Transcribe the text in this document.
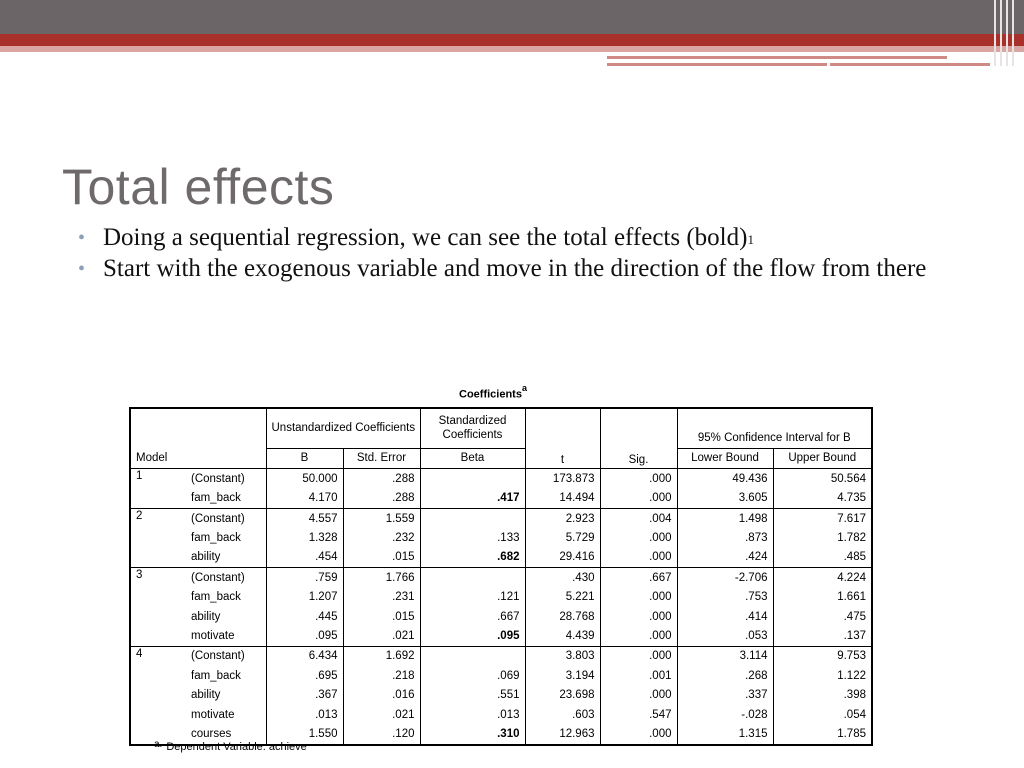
Total effects
• Doing a sequential regression, we can see the total effects (bold)$^1$
• Start with the exogenous variable and move in the direction of the flow from there
Coefficients$^a$
		Unstandardized Coefficients		Standardized Coefficients	t	Sig.		
							95% Confidence Interval for B	
Model		B	Std. Error	Beta			Lower Bound	Upper Bound
1	(Constant)	50.000	.288		173.873	.000	49.436	50.564
	fam_back	4.170	.288	.417	14.494	.000	3.605	4.735
2	(Constant)	4.557	1.559		2.923	.004	1.498	7.617
	fam_back	1.328	.232	.133	5.729	.000	.873	1.782
	ability	.454	.015	.682	29.416	.000	.424	.485
3	(Constant)	.759	1.766		.430	.667	-2.706	4.224
	fam_back	1.207	.231	.121	5.221	.000	.753	1.661
	ability	.445	.015	.667	28.768	.000	.414	.475
	motivate	.095	.021	.095	4.439	.000	.053	.137
4	(Constant)	6.434	1.692		3.803	.000	3.114	9.753
	fam_back	.695	.218	.069	3.194	.001	.268	1.122
	ability	.367	.016	.551	23.698	.000	.337	.398
	motivate	.013	.021	.013	.603	.547	-.028	.054
	courses	1.550	.120	.310	12.963	.000	1.315	1.785
a. Dependent Variable: achieve
